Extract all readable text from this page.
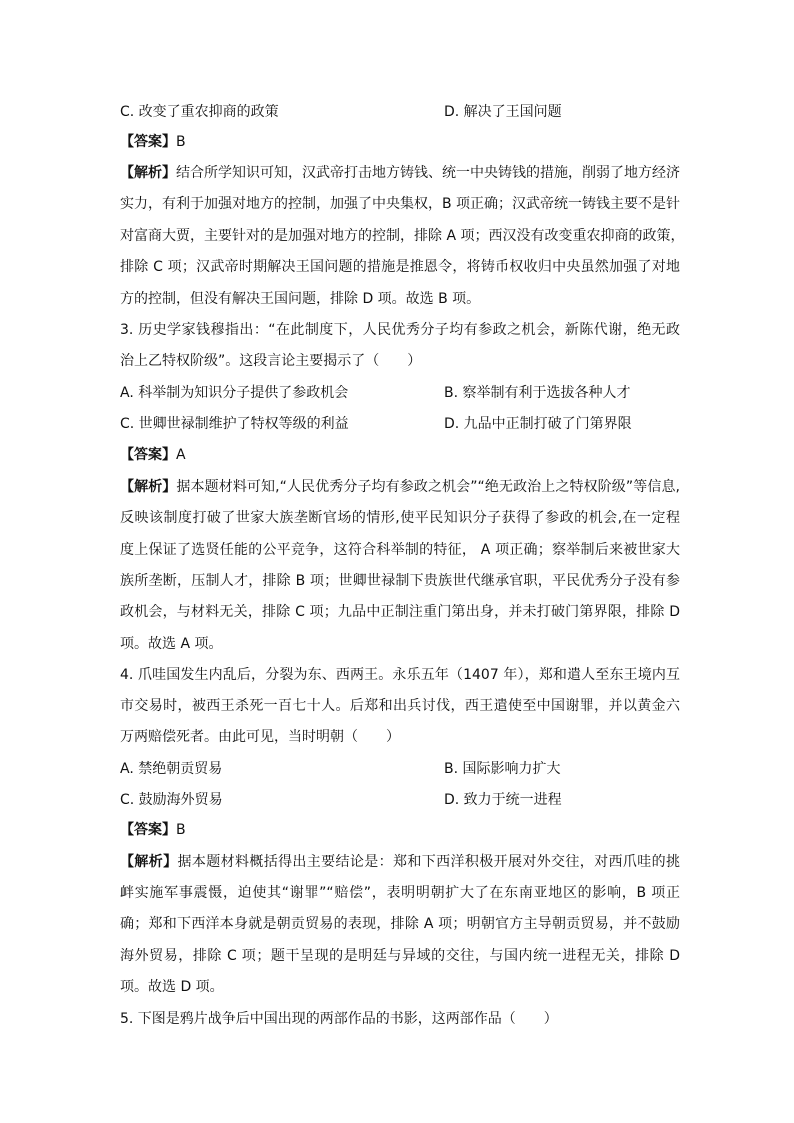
C. 改变了重农抑商的政策	D. 解决了王国问题
【答案】B
【解析】结合所学知识可知，汉武帝打击地方铸钱、统一中央铸钱的措施，削弱了地方经济
实力，有利于加强对地方的控制，加强了中央集权，B 项正确；汉武帝统一铸钱主要不是针
对富商大贾，主要针对的是加强对地方的控制，排除 A 项；西汉没有改变重农抑商的政策，
排除 C 项；汉武帝时期解决王国问题的措施是推恩令，将铸币权收归中央虽然加强了对地
方的控制，但没有解决王国问题，排除 D 项。故选 B 项。
3. 历史学家钱穆指出：“在此制度下，人民优秀分子均有参政之机会，新陈代谢，绝无政
治上乙特权阶级”。这段言论主要揭示了（　　）
A. 科举制为知识分子提供了参政机会	B. 察举制有利于选拔各种人才
C. 世卿世禄制维护了特权等级的利益	D. 九品中正制打破了门第界限
【答案】A
【解析】据本题材料可知,“人民优秀分子均有参政之机会”“绝无政治上之特权阶级”等信息,
反映该制度打破了世家大族垄断官场的情形,使平民知识分子获得了参政的机会,在一定程
度上保证了选贤任能的公平竞争，这符合科举制的特征， A 项正确；察举制后来被世家大
族所垄断，压制人才，排除 B 项；世卿世禄制下贵族世代继承官职，平民优秀分子没有参
政机会，与材料无关，排除 C 项；九品中正制注重门第出身，并未打破门第界限，排除 D
项。故选 A 项。
4. 爪哇国发生内乱后，分裂为东、西两王。永乐五年（1407 年），郑和遣人至东王境内互
市交易时，被西王杀死一百七十人。后郑和出兵讨伐，西王遣使至中国谢罪，并以黄金六
万两赔偿死者。由此可见，当时明朝（　　）
A. 禁绝朝贡贸易	B. 国际影响力扩大
C. 鼓励海外贸易	D. 致力于统一进程
【答案】B
【解析】据本题材料概括得出主要结论是：郑和下西洋积极开展对外交往，对西爪哇的挑
衅实施军事震慑，迫使其“谢罪”“赔偿”，表明明朝扩大了在东南亚地区的影响，B 项正
确；郑和下西洋本身就是朝贡贸易的表现，排除 A 项；明朝官方主导朝贡贸易，并不鼓励
海外贸易，排除 C 项；题干呈现的是明廷与异域的交往，与国内统一进程无关，排除 D
项。故选 D 项。
5. 下图是鸦片战争后中国出现的两部作品的书影，这两部作品（　　）
